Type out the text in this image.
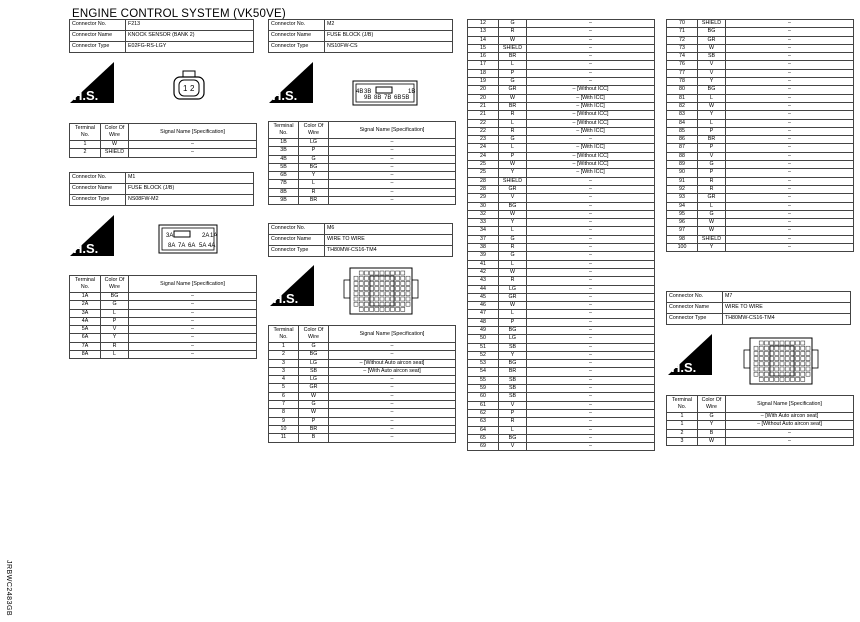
ENGINE CONTROL SYSTEM (VK50VE)
Connector No.	F213
Connector Name	KNOCK SENSOR (BANK 2)
Connector Type	E02FG-RS-LGY
H.S.	1 2
Terminal No.	Color Of Wire	Signal Name [Specification]
1	W	–
2	SHIELD	–
Connector No.	M1
Connector Name	FUSE BLOCK (J/B)
Connector Type	NS08FW-M2
H.S.
3A	2A 1A
8A 7A 6A 5A 4A
Terminal No.	Color Of Wire	Signal Name [Specification]
1A	BG	–
2A	G	–
3A	L	–
4A	P	–
5A	V	–
6A	Y	–
7A	R	–
8A	L	–
Connector No.	M2
Connector Name	FUSE BLOCK (J/B)
Connector Type	NS10FW-CS
H.S.	4B 3B	1B
9B 8B 7B 6B 5B
Terminal No.	Color Of Wire	Signal Name [Specification]
1B	LG	–
3B	P	–
4B	G	–
5B	BG	–
6B	Y	–
7B	L	–
8B	R	–
9B	BR	–
Connector No.	M6
Connector Name	WIRE TO WIRE
Connector Type	TH80MW-CS16-TM4
H.S.
Terminal No.	Color Of Wire	Signal Name [Specification]
1	G	–
2	BG	–
3	LG	– [Without Auto aircon seat]
3	SB	– [With Auto aircon seat]
4	LG	–
5	GR	–
6	W	–
7	G	–
8	W	–
9	P	–
10	BR	–
11	B	–
12	G	–
13	R	–
14	W	–
15	SHIELD	–
16	BR	–
17	L	–
18	P	–
19	G	–
20	GR	– [Without ICC]
20	W	– [With ICC]
21	BR	– [With ICC]
21	R	– [Without ICC]
22	L	– [Without ICC]
22	R	– [With ICC]
23	G	–
24	L	– [With ICC]
24	P	– [Without ICC]
25	W	– [Without ICC]
25	Y	– [With ICC]
28	SHIELD	–
28	GR	–
29	V	–
30	BG	–
32	W	–
33	Y	–
34	L	–
37	G	–
38	R	–
39	G	–
41	L	–
42	W	–
43	R	–
44	LG	–
45	GR	–
46	W	–
47	L	–
48	P	–
49	BG	–
50	LG	–
51	SB	–
52	Y	–
53	BG	–
54	BR	–
55	SB	–
59	SB	–
60	SB	–
61	V	–
62	P	–
63	R	–
64	L	–
65	BG	–
69	V	–
70	SHIELD	–
71	BG	–
72	GR	–
73	W	–
74	SB	–
76	V	–
77	V	–
78	Y	–
80	BG	–
81	L	–
82	W	–
83	Y	–
84	L	–
85	P	–
86	BR	–
87	P	–
88	V	–
89	G	–
90	P	–
91	R	–
92	R	–
93	GR	–
94	L	–
95	G	–
96	W	–
97	W	–
98	SHIELD	–
100	Y	–
Connector No.	M7
Connector Name	WIRE TO WIRE
Connector Type	TH80MW-CS16-TM4
H.S.
Terminal No.	Color Of Wire	Signal Name [Specification]
1	G	– [With Auto aircon seat]
1	Y	– [Without Auto aircon seat]
2	B	–
3	W	–
JRBWC2483GB
